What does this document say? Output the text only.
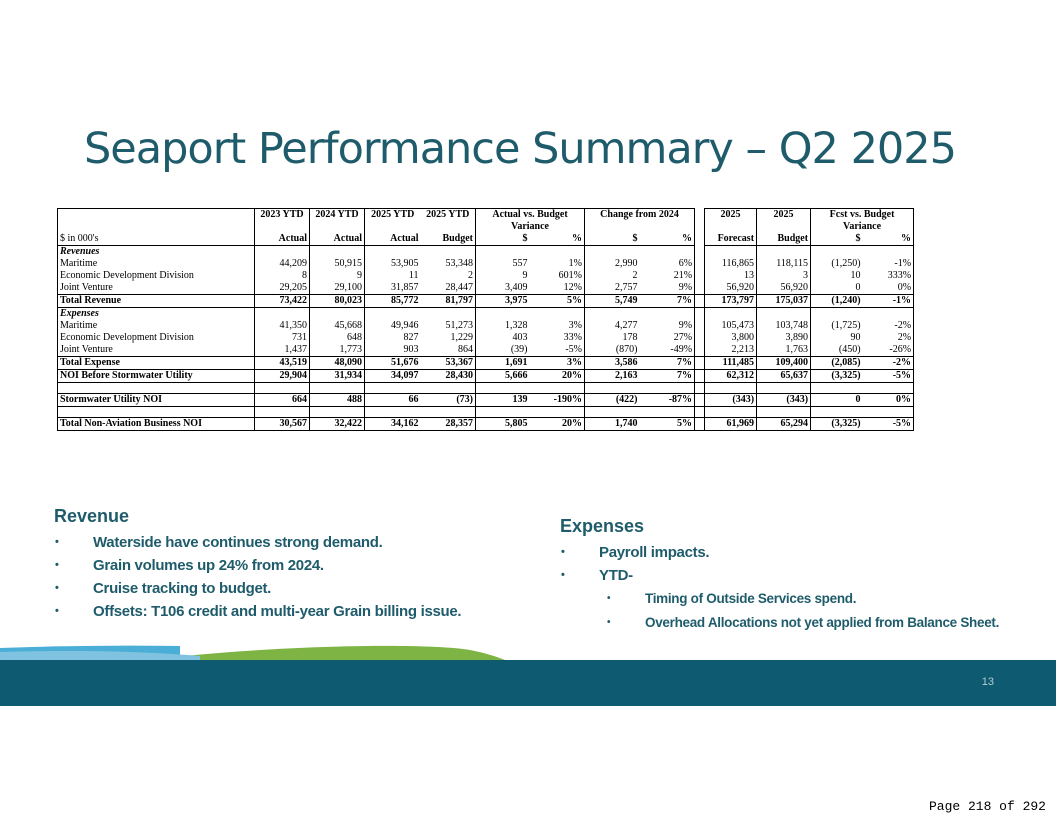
Seaport Performance Summary – Q2 2025
	2023 YTD	2024 YTD	2025 YTD	2025 YTD	Actual vs. Budget		Change from 2024			2025	2025	Fcst vs. Budget	
					Variance							Variance	
$ in 000's	Actual	Actual	Actual	Budget	$	%	$	%		Forecast	Budget	$	%
Revenues													
Maritime	44,209	50,915	53,905	53,348	557	1%	2,990	6%		116,865	118,115	(1,250)	-1%
Economic Development Division	8	9	11	2	9	601%	2	21%		13	3	10	333%
Joint Venture	29,205	29,100	31,857	28,447	3,409	12%	2,757	9%		56,920	56,920	0	0%
Total Revenue	73,422	80,023	85,772	81,797	3,975	5%	5,749	7%		173,797	175,037	(1,240)	-1%
Expenses													
Maritime	41,350	45,668	49,946	51,273	1,328	3%	4,277	9%		105,473	103,748	(1,725)	-2%
Economic Development Division	731	648	827	1,229	403	33%	178	27%		3,800	3,890	90	2%
Joint Venture	1,437	1,773	903	864	(39)	-5%	(870)	-49%		2,213	1,763	(450)	-26%
Total Expense	43,519	48,090	51,676	53,367	1,691	3%	3,586	7%		111,485	109,400	(2,085)	-2%
NOI Before Stormwater Utility	29,904	31,934	34,097	28,430	5,666	20%	2,163	7%		62,312	65,637	(3,325)	-5%

Stormwater Utility NOI	664	488	66	(73)	139	-190%	(422)	-87%		(343)	(343)	0	0%

Total Non-Aviation Business NOI	30,567	32,422	34,162	28,357	5,805	20%	1,740	5%		61,969	65,294	(3,325)	-5%
Revenue
• Waterside have continues strong demand.
• Grain volumes up 24% from 2024.
• Cruise tracking to budget.
• Offsets: T106 credit and multi-year Grain billing issue.
Expenses
• Payroll impacts.
• YTD-
•	Timing of Outside Services spend.
•	Overhead Allocations not yet applied from Balance Sheet.
13
Page 218 of 292
